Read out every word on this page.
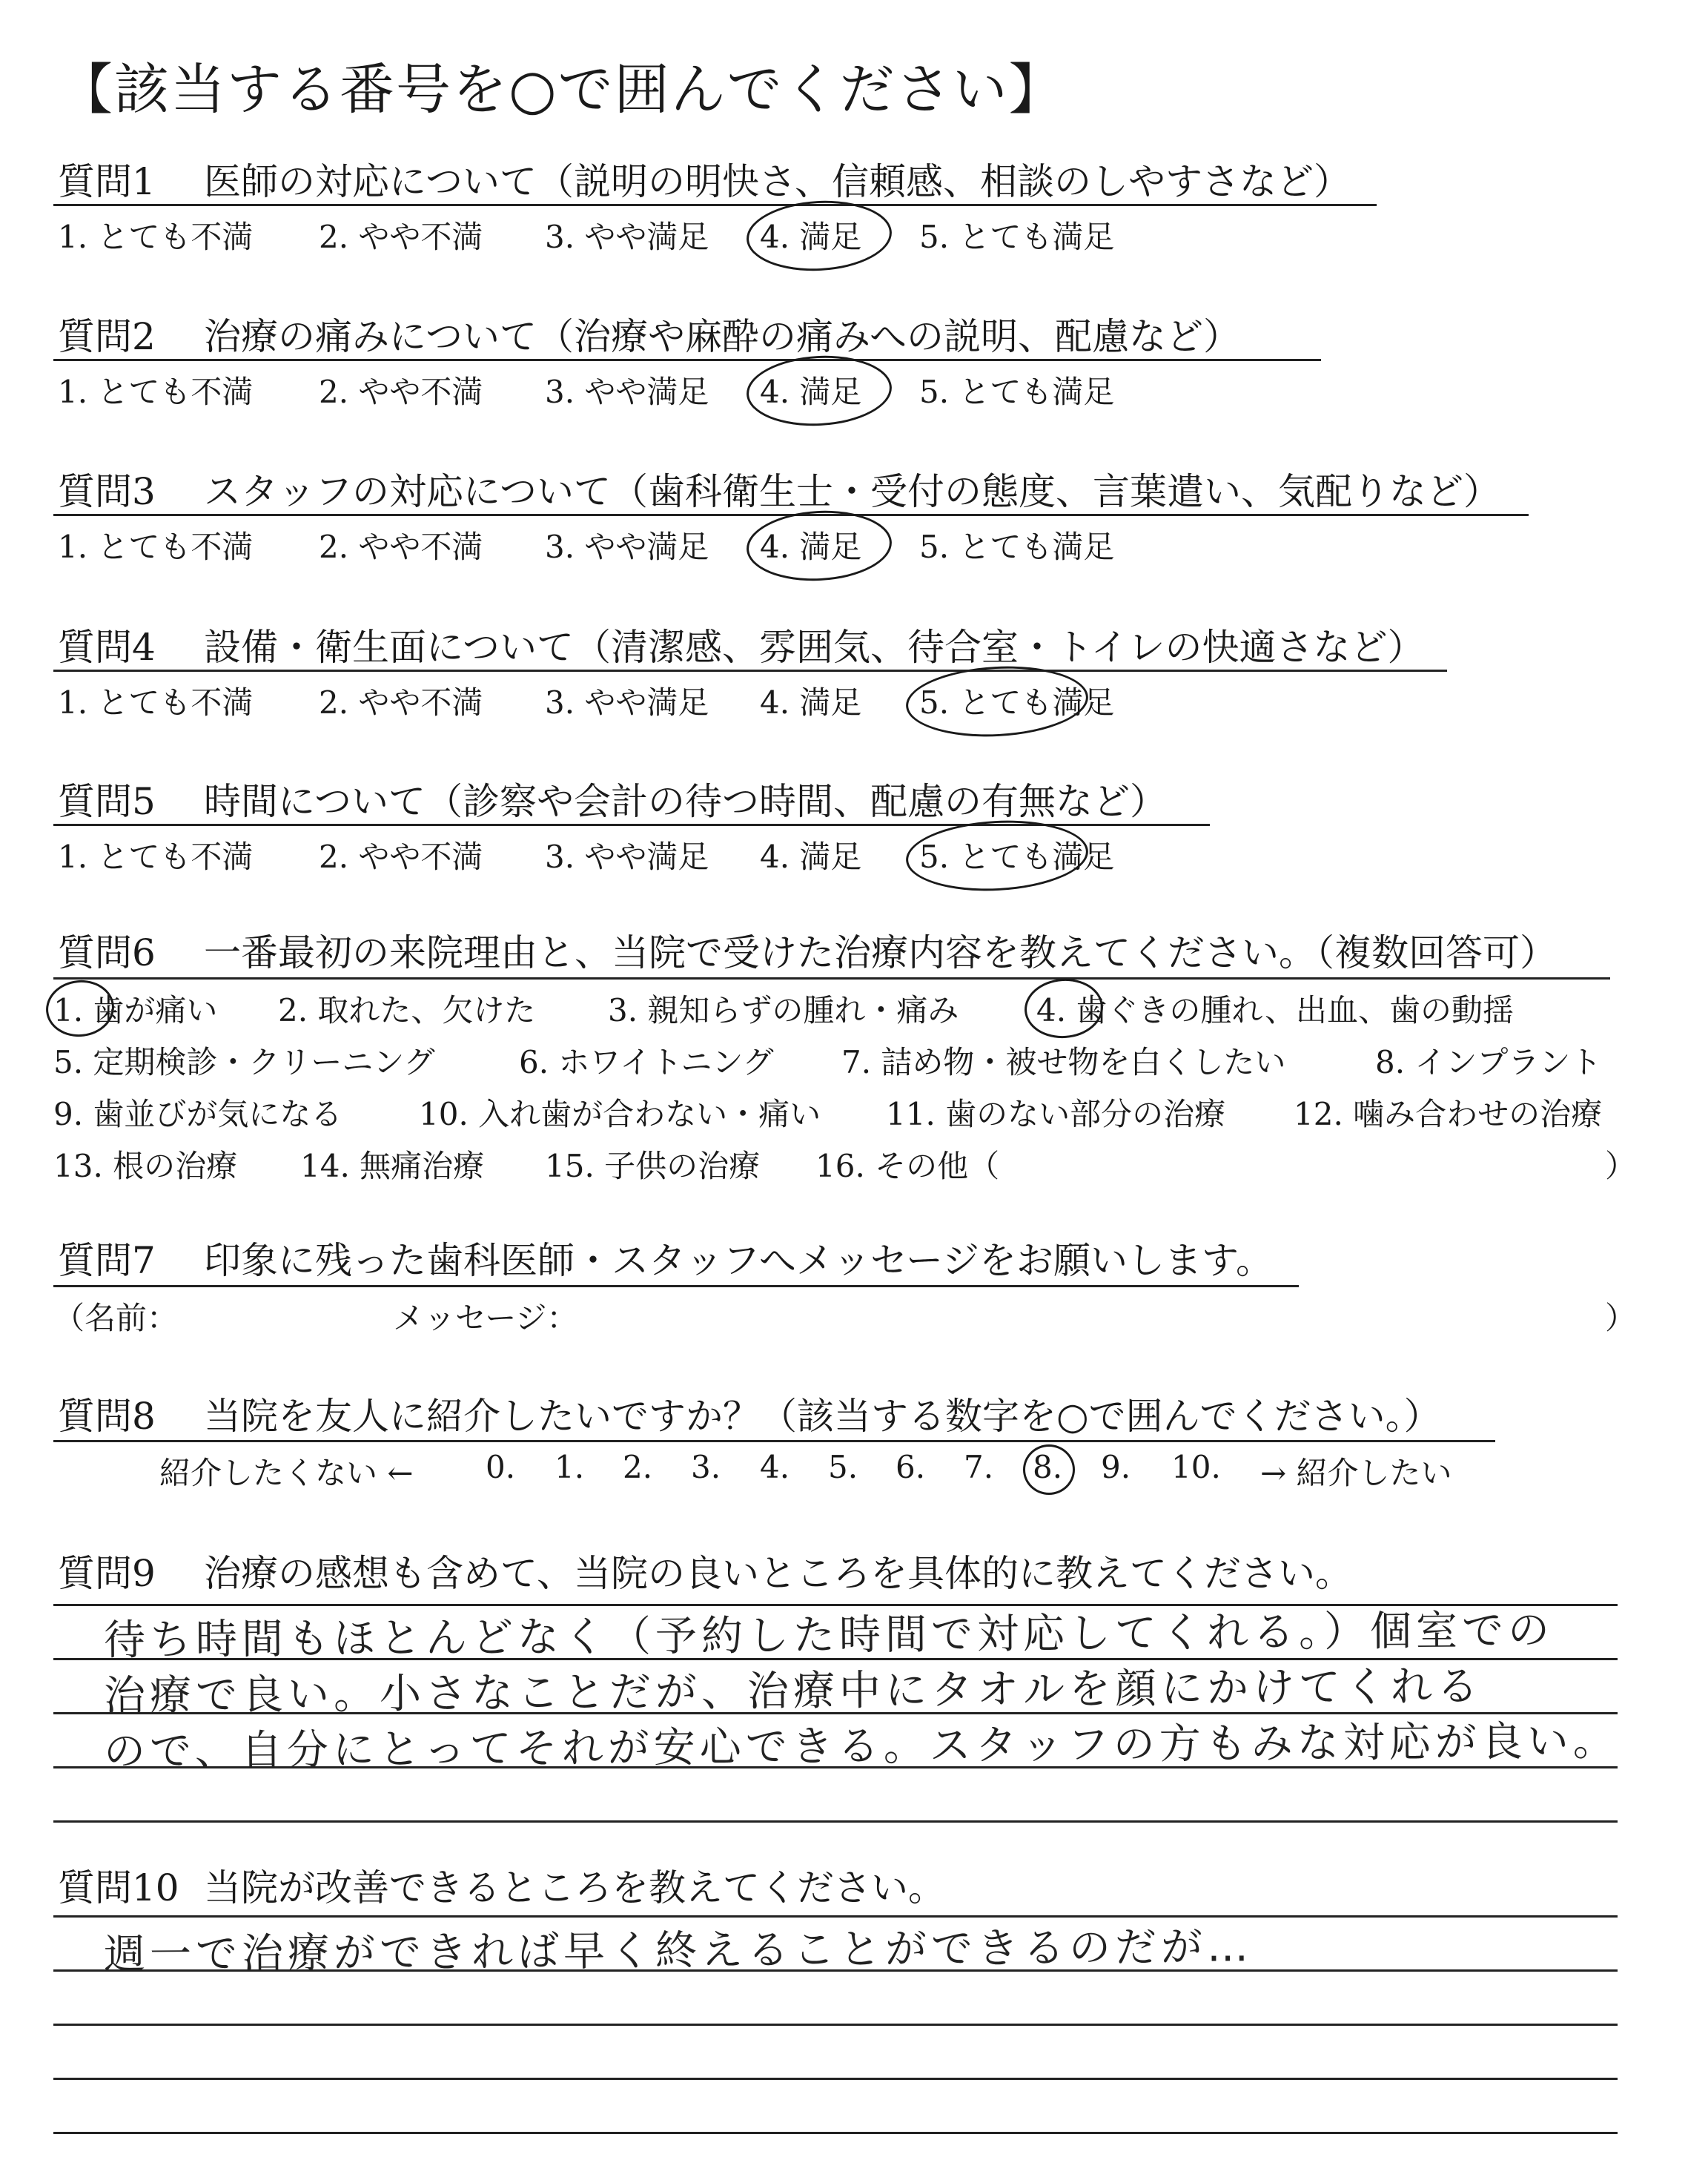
【該当する番号を○で囲んでください】
質問1 医師の対応について（説明の明快さ、信頼感、相談のしやすさなど）
1. とても不満 2. やや不満 3. やや満足 4. 満足 5. とても満足
質問2 治療の痛みについて（治療や麻酔の痛みへの説明、配慮など）
1. とても不満 2. やや不満 3. やや満足 4. 満足 5. とても満足
質問3 スタッフの対応について（歯科衛生士・受付の態度、言葉遣い、気配りなど）
1. とても不満 2. やや不満 3. やや満足 4. 満足 5. とても満足
質問4 設備・衛生面について（清潔感、雰囲気、待合室・トイレの快適さなど）
1. とても不満 2. やや不満 3. やや満足 4. 満足 5. とても満足
質問5 時間について（診察や会計の待つ時間、配慮の有無など）
1. とても不満 2. やや不満 3. やや満足 4. 満足 5. とても満足
質問6 一番最初の来院理由と、当院で受けた治療内容を教えてください。（複数回答可）
1. 歯が痛い 2. 取れた、欠けた 3. 親知らずの腫れ・痛み 4. 歯ぐきの腫れ、出血、歯の動揺
5. 定期検診・クリーニング	6. ホワイトニング 7. 詰め物・被せ物を白くしたい	8. インプラント
9. 歯並びが気になる 10. 入れ歯が合わない・痛い 11. 歯のない部分の治療 12. 噛み合わせの治療
13. 根の治療 14. 無痛治療 15. 子供の治療 16. その他（	）
質問7 印象に残った歯科医師・スタッフへメッセージをお願いします。
（名前：	メッセージ：	）
質問8 当院を友人に紹介したいですか？（該当する数字を○で囲んでください。）
紹介したくない ← 0. 1. 2. 3. 4. 5. 6. 7. 8. 9. 10. → 紹介したい
質問9 治療の感想も含めて、当院の良いところを具体的に教えてください。
待ち時間もほとんどなく（予約した時間で対応してくれる。）個室での
治療で良い。小さなことだが、治療中にタオルを顔にかけてくれる
ので、自分にとってそれが安心できる。スタッフの方もみな対応が良い。
質問10 当院が改善できるところを教えてください。
週一で治療ができれば早く終えることができるのだが…
